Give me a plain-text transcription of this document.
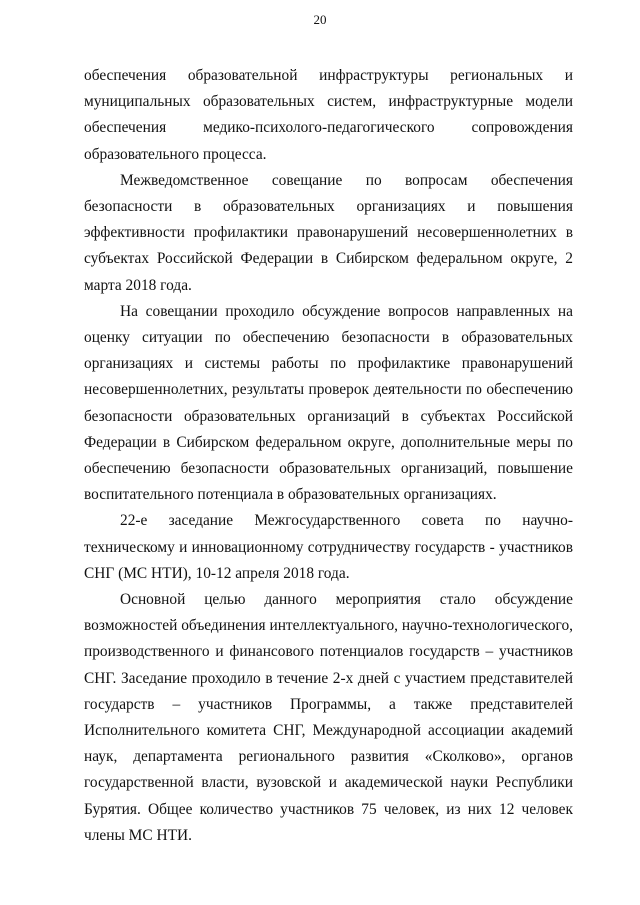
20

обеспечения образовательной инфраструктуры региональных и муниципальных образовательных систем, инфраструктурные модели обеспечения медико-психолого-педагогического сопровождения образовательного процесса.

Межведомственное совещание по вопросам обеспечения безопасности в образовательных организациях и повышения эффективности профилактики правонарушений несовершеннолетних в субъектах Российской Федерации в Сибирском федеральном округе, 2 марта 2018 года.

На совещании проходило обсуждение вопросов направленных на оценку ситуации по обеспечению безопасности в образовательных организациях и системы работы по профилактике правонарушений несовершеннолетних, результаты проверок деятельности по обеспечению безопасности образовательных организаций в субъектах Российской Федерации в Сибирском федеральном округе, дополнительные меры по обеспечению безопасности образовательных организаций, повышение воспитательного потенциала в образовательных организациях.

22-е заседание Межгосударственного совета по научно-техническому и инновационному сотрудничеству государств - участников СНГ (МС НТИ), 10-12 апреля 2018 года.

Основной целью данного мероприятия стало обсуждение возможностей объединения интеллектуального, научно-технологического, производственного и финансового потенциалов государств – участников СНГ. Заседание проходило в течение 2-х дней с участием представителей государств – участников Программы, а также представителей Исполнительного комитета СНГ, Международной ассоциации академий наук, департамента регионального развития «Сколково», органов государственной власти, вузовской и академической науки Республики Бурятия. Общее количество участников 75 человек, из них 12 человек члены МС НТИ.
